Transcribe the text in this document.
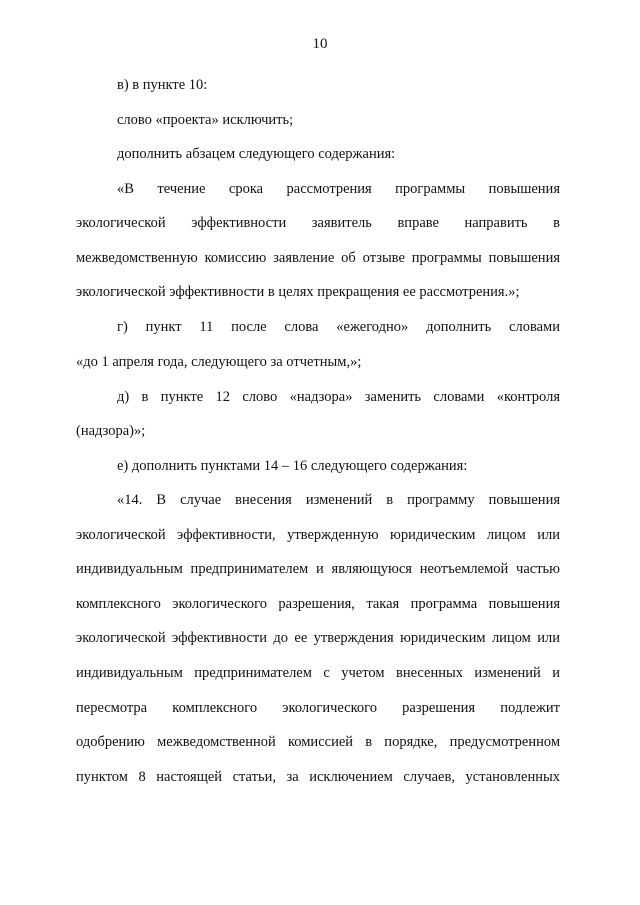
10
в) в пункте 10:
слово «проекта» исключить;
дополнить абзацем следующего содержания:
«В течение срока рассмотрения программы повышения
экологической эффективности заявитель вправе направить в
межведомственную комиссию заявление об отзыве программы повышения
экологической эффективности в целях прекращения ее рассмотрения.»;
г) пункт 11 после слова «ежегодно» дополнить словами
«до 1 апреля года, следующего за отчетным,»;
д) в пункте 12 слово «надзора» заменить словами «контроля
(надзора)»;
е) дополнить пунктами 14 – 16 следующего содержания:
«14. В случае внесения изменений в программу повышения
экологической эффективности, утвержденную юридическим лицом или
индивидуальным предпринимателем и являющуюся неотъемлемой частью
комплексного экологического разрешения, такая программа повышения
экологической эффективности до ее утверждения юридическим лицом или
индивидуальным предпринимателем с учетом внесенных изменений и
пересмотра комплексного экологического разрешения подлежит
одобрению межведомственной комиссией в порядке, предусмотренном
пунктом 8 настоящей статьи, за исключением случаев, установленных
